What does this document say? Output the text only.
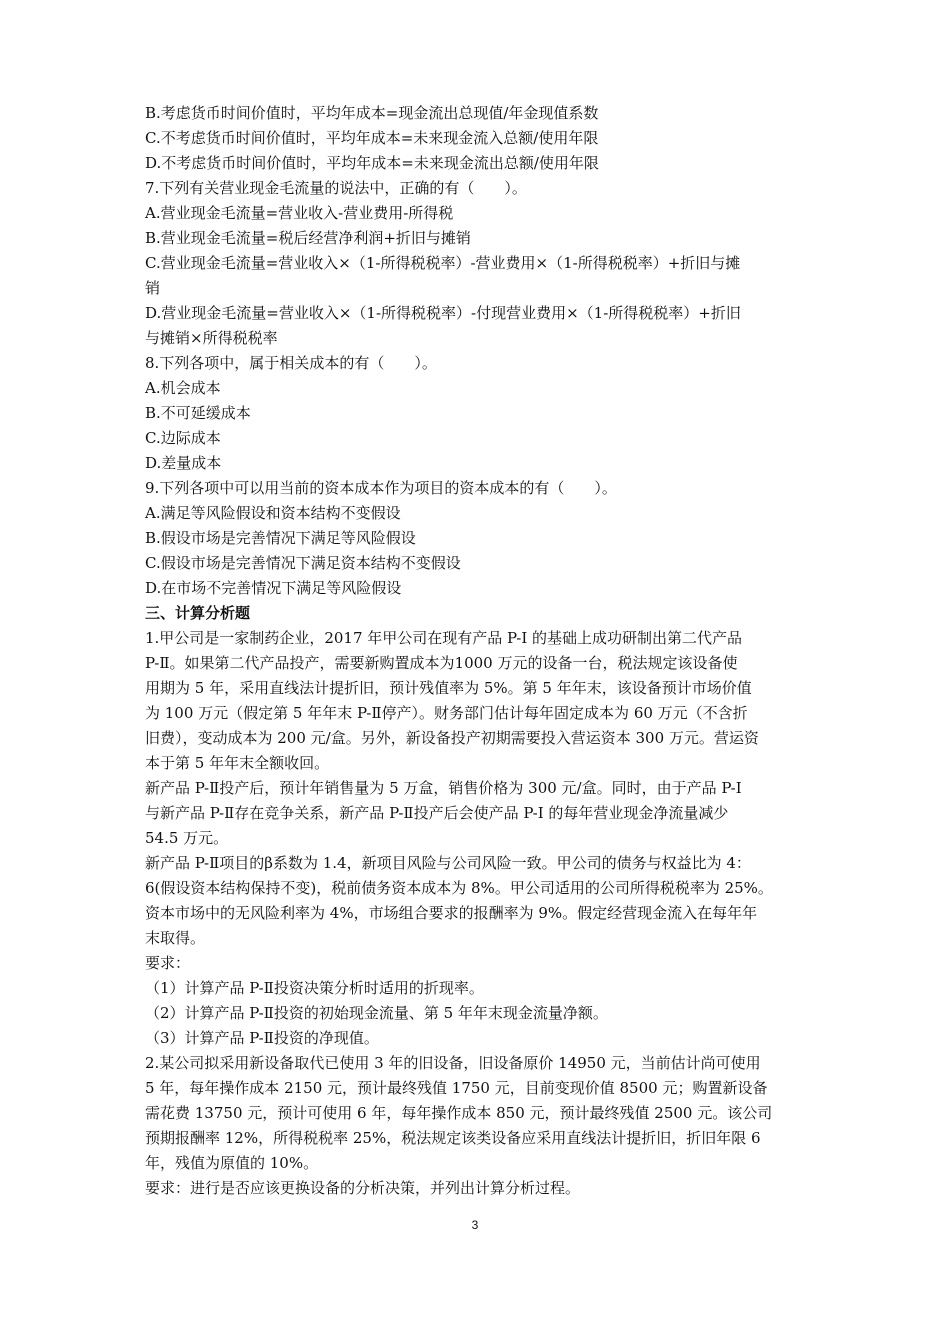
B.考虑货币时间价值时，平均年成本=现金流出总现值/年金现值系数
C.不考虑货币时间价值时，平均年成本=未来现金流入总额/使用年限
D.不考虑货币时间价值时，平均年成本=未来现金流出总额/使用年限
7.下列有关营业现金毛流量的说法中，正确的有（　　）。
A.营业现金毛流量=营业收入-营业费用-所得税
B.营业现金毛流量=税后经营净利润+折旧与摊销
C.营业现金毛流量=营业收入×（1-所得税税率）-营业费用×（1-所得税税率）+折旧与摊
销
D.营业现金毛流量=营业收入×（1-所得税税率）-付现营业费用×（1-所得税税率）+折旧
与摊销×所得税税率
8.下列各项中，属于相关成本的有（　　）。
A.机会成本
B.不可延缓成本
C.边际成本
D.差量成本
9.下列各项中可以用当前的资本成本作为项目的资本成本的有（　　）。
A.满足等风险假设和资本结构不变假设
B.假设市场是完善情况下满足等风险假设
C.假设市场是完善情况下满足资本结构不变假设
D.在市场不完善情况下满足等风险假设
三、计算分析题
1.甲公司是一家制药企业，2017 年甲公司在现有产品 P-I 的基础上成功研制出第二代产品
P-Ⅱ。如果第二代产品投产，需要新购置成本为1000 万元的设备一台，税法规定该设备使
用期为 5 年，采用直线法计提折旧，预计残值率为 5%。第 5 年年末，该设备预计市场价值
为 100 万元（假定第 5 年年末 P-Ⅱ停产）。财务部门估计每年固定成本为 60 万元（不含折
旧费），变动成本为 200 元/盒。另外，新设备投产初期需要投入营运资本 300 万元。营运资
本于第 5 年年末全额收回。
新产品 P-Ⅱ投产后，预计年销售量为 5 万盒，销售价格为 300 元/盒。同时，由于产品 P-I
与新产品 P-Ⅱ存在竞争关系，新产品 P-Ⅱ投产后会使产品 P-I 的每年营业现金净流量减少
54.5 万元。
新产品 P-Ⅱ项目的β系数为 1.4，新项目风险与公司风险一致。甲公司的债务与权益比为 4：
6(假设资本结构保持不变)，税前债务资本成本为 8%。甲公司适用的公司所得税税率为 25%。
资本市场中的无风险利率为 4%，市场组合要求的报酬率为 9%。假定经营现金流入在每年年
末取得。
要求：
（1）计算产品 P-Ⅱ投资决策分析时适用的折现率。
（2）计算产品 P-Ⅱ投资的初始现金流量、第 5 年年末现金流量净额。
（3）计算产品 P-Ⅱ投资的净现值。
2.某公司拟采用新设备取代已使用 3 年的旧设备，旧设备原价 14950 元，当前估计尚可使用
5 年，每年操作成本 2150 元，预计最终残值 1750 元，目前变现价值 8500 元；购置新设备
需花费 13750 元，预计可使用 6 年，每年操作成本 850 元，预计最终残值 2500 元。该公司
预期报酬率 12%，所得税税率 25%，税法规定该类设备应采用直线法计提折旧，折旧年限 6
年，残值为原值的 10%。
要求：进行是否应该更换设备的分析决策，并列出计算分析过程。
3
